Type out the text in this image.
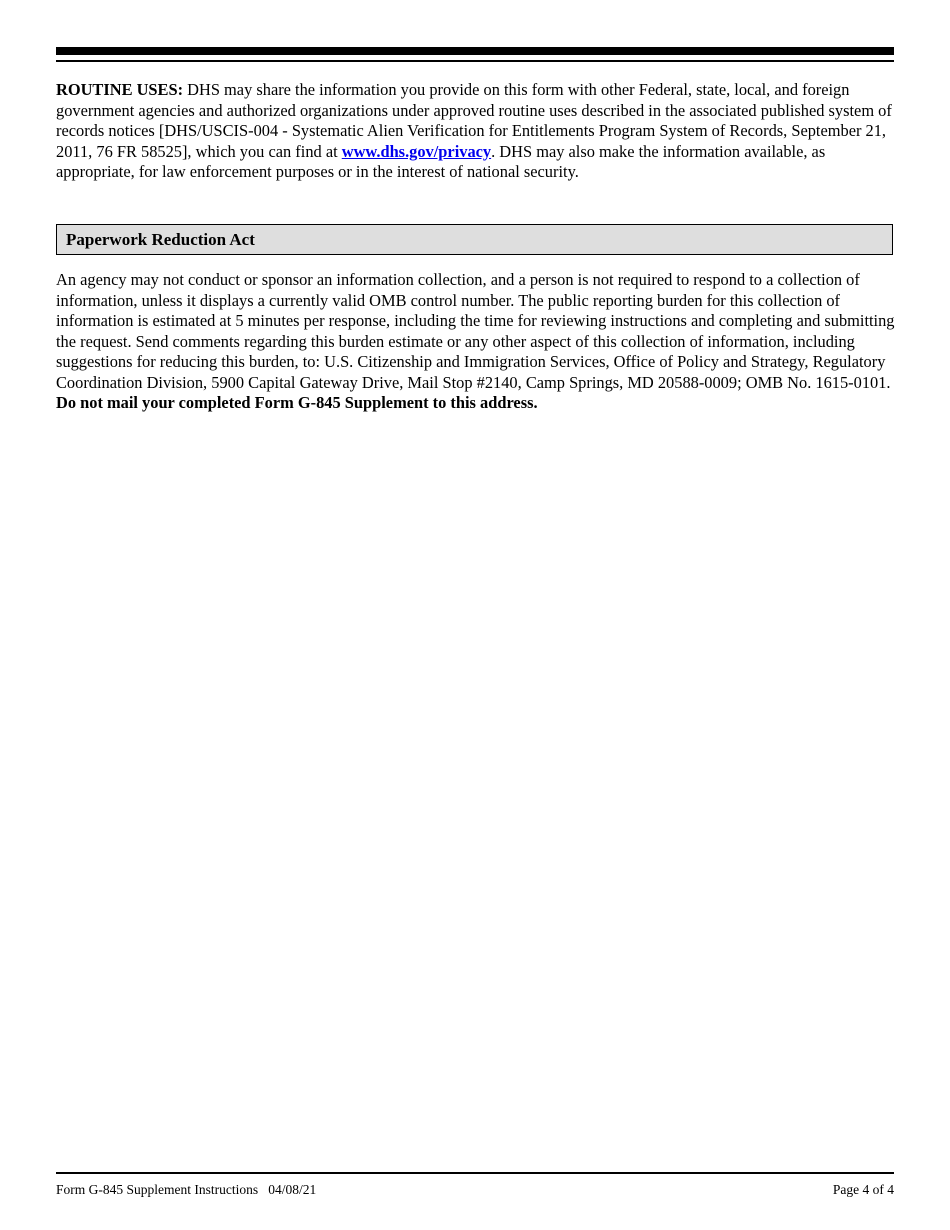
ROUTINE USES: DHS may share the information you provide on this form with other Federal, state, local, and foreign government agencies and authorized organizations under approved routine uses described in the associated published system of records notices [DHS/USCIS-004 - Systematic Alien Verification for Entitlements Program System of Records, September 21, 2011, 76 FR 58525], which you can find at www.dhs.gov/privacy. DHS may also make the information available, as appropriate, for law enforcement purposes or in the interest of national security.

Paperwork Reduction Act

An agency may not conduct or sponsor an information collection, and a person is not required to respond to a collection of information, unless it displays a currently valid OMB control number. The public reporting burden for this collection of information is estimated at 5 minutes per response, including the time for reviewing instructions and completing and submitting the request. Send comments regarding this burden estimate or any other aspect of this collection of information, including suggestions for reducing this burden, to: U.S. Citizenship and Immigration Services, Office of Policy and Strategy, Regulatory Coordination Division, 5900 Capital Gateway Drive, Mail Stop #2140, Camp Springs, MD 20588-0009; OMB No. 1615-0101. Do not mail your completed Form G-845 Supplement to this address.

Form G-845 Supplement Instructions   04/08/21	Page 4 of 4
